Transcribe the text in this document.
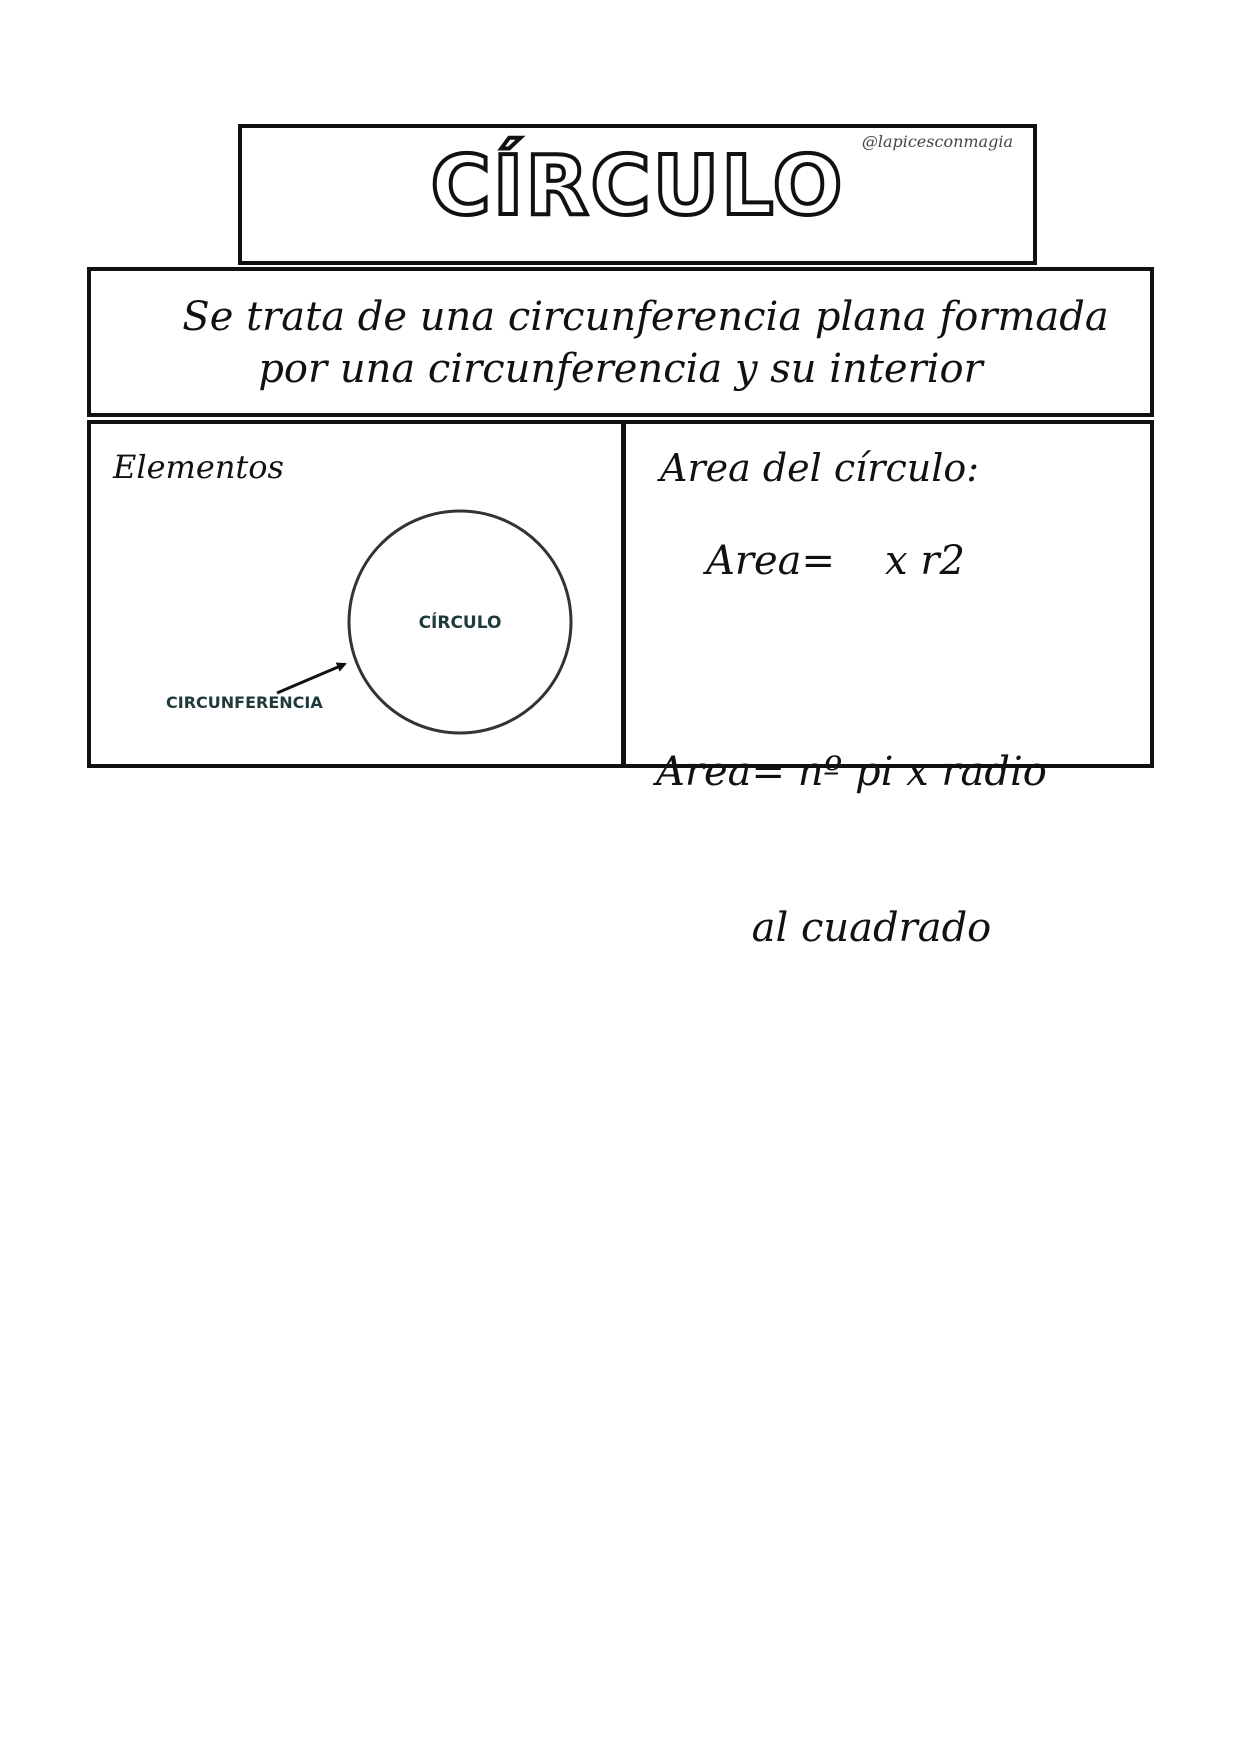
CÍRCULO	@lapicesconmagia
Se trata de una circunferencia plana formada
por una circunferencia y su interior
Elementos
CÍRCULO
CIRCUNFERENCIA
Area del círculo:
Area= x r2

Area= nº pi x radio

al cuadrado
